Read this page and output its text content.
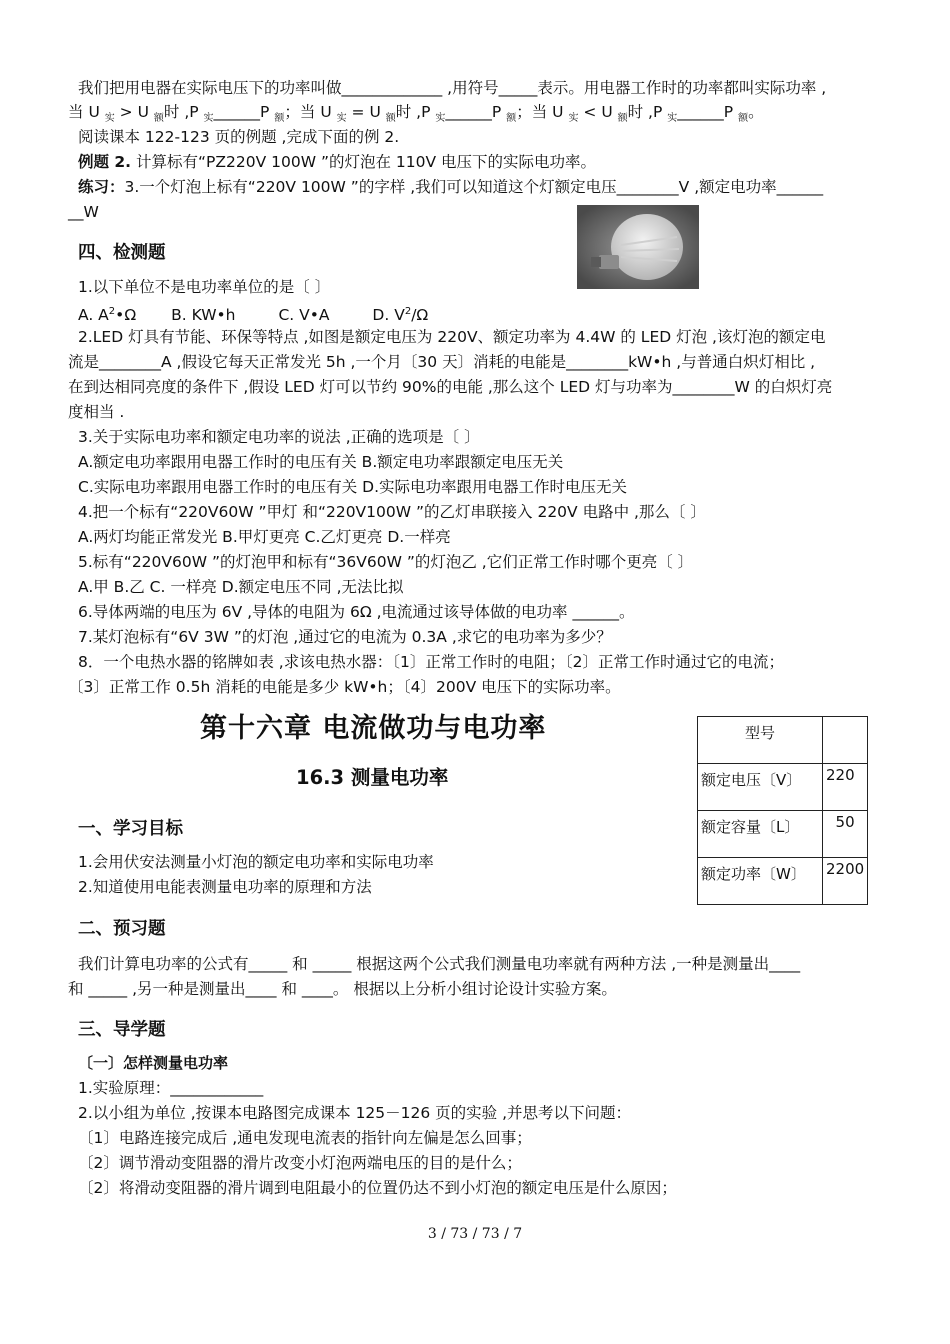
我们把用电器在实际电压下的功率叫做_____________ ,用符号_____表示。用电器工作时的功率都叫实际功率 ,
当 U $_实$ > U $_额$时 ,P $_实$______P $_额$；当 U $_实$ = U $_额$时 ,P $_实$______P $_额$；当 U $_实$ < U $_额$时 ,P $_实$______P $_额$。
阅读课本 122-123 页的例题 ,完成下面的例 2.
例题 2. 计算标有“PZ220V 100W ”的灯泡在 110V 电压下的实际电功率。
练习：3.一个灯泡上标有“220V 100W ”的字样 ,我们可以知道这个灯额定电压________V ,额定电功率______
__W
四、检测题
1.以下单位不是电功率单位的是〔 〕
A. $A^2•\Omega$ B. KW•h	C. V•A	D. $V^2/\Omega$
2.LED 灯具有节能、环保等特点 ,如图是额定电压为 220V、额定功率为 4.4W 的 LED 灯泡 ,该灯泡的额定电
流是________A ,假设它每天正常发光 5h ,一个月〔30 天〕消耗的电能是________kW•h ,与普通白炽灯相比 ,
在到达相同亮度的条件下 ,假设 LED 灯可以节约 90%的电能 ,那么这个 LED 灯与功率为________W 的白炽灯亮
度相当 .
3.关于实际电功率和额定电功率的说法 ,正确的选项是〔 〕
A.额定电功率跟用电器工作时的电压有关 B.额定电功率跟额定电压无关
C.实际电功率跟用电器工作时的电压有关 D.实际电功率跟用电器工作时电压无关
4.把一个标有“220V60W ”甲灯 和“220V100W ”的乙灯串联接入 220V 电路中 ,那么〔 〕
A.两灯均能正常发光 B.甲灯更亮 C.乙灯更亮 D.一样亮
5.标有“220V60W ”的灯泡甲和标有“36V60W ”的灯泡乙 ,它们正常工作时哪个更亮〔 〕
A.甲 B.乙 C. 一样亮 D.额定电压不同 ,无法比拟
6.导体两端的电压为 6V ,导体的电阻为 6Ω ,电流通过该导体做的电功率 ______。
7.某灯泡标有“6V 3W ”的灯泡 ,通过它的电流为 0.3A ,求它的电功率为多少？
8．一个电热水器的铭牌如表 ,求该电热水器：〔1〕正常工作时的电阻；〔2〕正常工作时通过它的电流；
〔3〕正常工作 0.5h 消耗的电能是多少 kW•h；〔4〕200V 电压下的实际功率。
型号	
额定电压〔V〕	220
额定容量〔L〕	50
额定功率〔W〕	2200
第十六章 电流做功与电功率
16.3 测量电功率
一、学习目标
1.会用伏安法测量小灯泡的额定电功率和实际电功率
2.知道使用电能表测量电功率的原理和方法
二、预习题
我们计算电功率的公式有_____ 和 _____ 根据这两个公式我们测量电功率就有两种方法 ,一种是测量出____
和 _____ ,另一种是测量出____ 和 ____。 根据以上分析小组讨论设计实验方案。
三、导学题
〔一〕怎样测量电功率
1.实验原理：____________
2.以小组为单位 ,按课本电路图完成课本 125－126 页的实验 ,并思考以下问题：
〔1〕电路连接完成后 ,通电发现电流表的指针向左偏是怎么回事；
〔2〕调节滑动变阻器的滑片改变小灯泡两端电压的目的是什么；
〔2〕将滑动变阻器的滑片调到电阻最小的位置仍达不到小灯泡的额定电压是什么原因；
3 / 73 / 73 / 7
